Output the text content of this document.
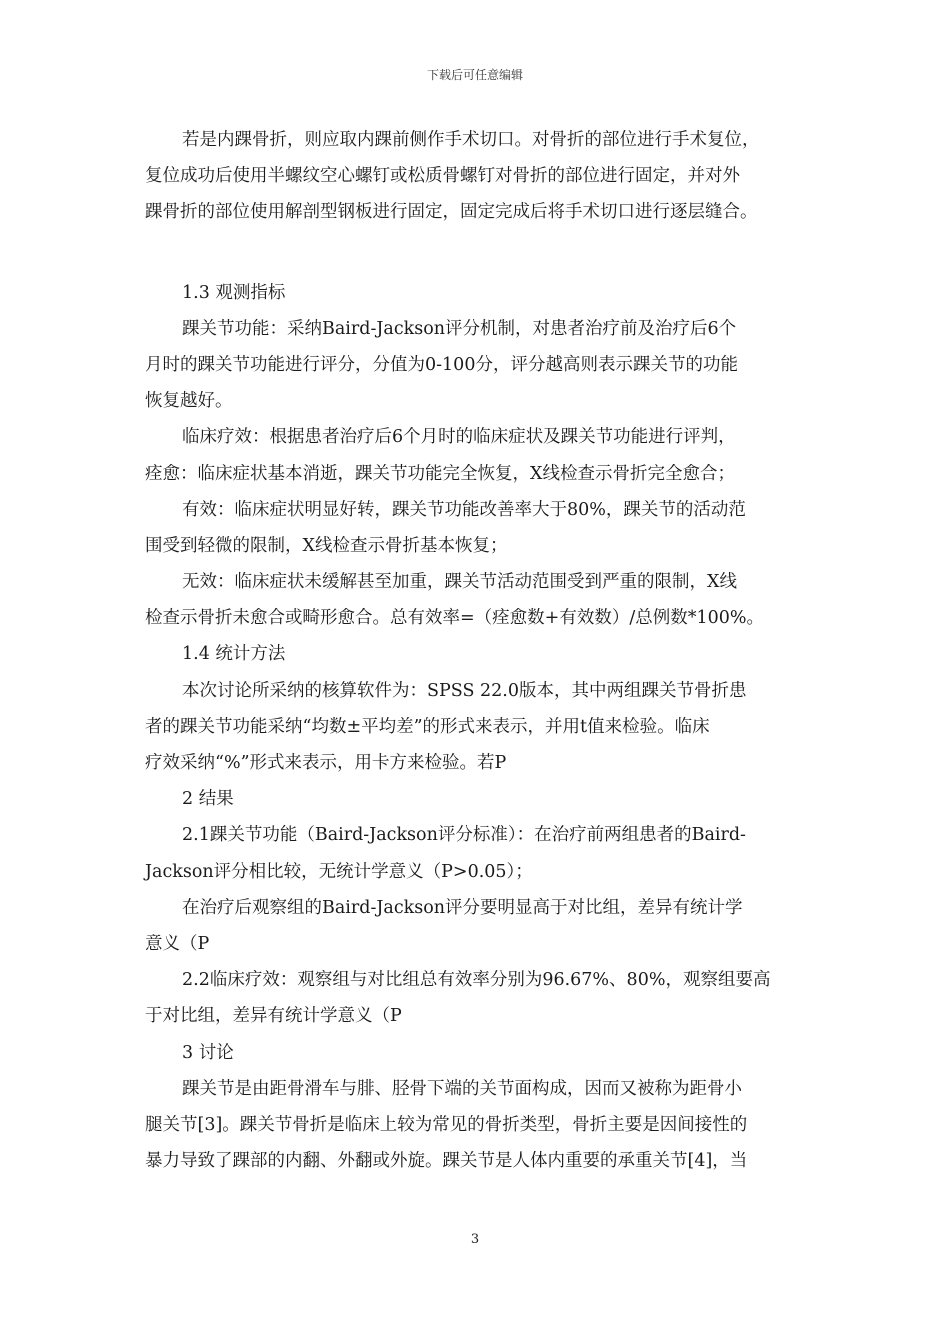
下载后可任意编辑
若是内踝骨折，则应取内踝前侧作手术切口。对骨折的部位进行手术复位，
复位成功后使用半螺纹空心螺钉或松质骨螺钉对骨折的部位进行固定，并对外
踝骨折的部位使用解剖型钢板进行固定，固定完成后将手术切口进行逐层缝合。
1.3 观测指标
踝关节功能：采纳Baird-Jackson评分机制，对患者治疗前及治疗后6个
月时的踝关节功能进行评分，分值为0-100分，评分越高则表示踝关节的功能
恢复越好。
临床疗效：根据患者治疗后6个月时的临床症状及踝关节功能进行评判，
痊愈：临床症状基本消逝，踝关节功能完全恢复，X线检查示骨折完全愈合；
有效：临床症状明显好转，踝关节功能改善率大于80%，踝关节的活动范
围受到轻微的限制，X线检查示骨折基本恢复；
无效：临床症状未缓解甚至加重，踝关节活动范围受到严重的限制，X线
检查示骨折未愈合或畸形愈合。总有效率=（痊愈数+有效数）/总例数*100%。
1.4 统计方法
本次讨论所采纳的核算软件为：SPSS 22.0版本，其中两组踝关节骨折患
者的踝关节功能采纳“均数±平均差”的形式来表示，并用t值来检验。临床
疗效采纳“%”形式来表示，用卡方来检验。若P
2 结果
2.1踝关节功能（Baird-Jackson评分标准）：在治疗前两组患者的Baird-
Jackson评分相比较，无统计学意义（P>0.05）；
在治疗后观察组的Baird-Jackson评分要明显高于对比组，差异有统计学
意义（P
2.2临床疗效：观察组与对比组总有效率分别为96.67%、80%，观察组要高
于对比组，差异有统计学意义（P
3 讨论
踝关节是由距骨滑车与腓、胫骨下端的关节面构成，因而又被称为距骨小
腿关节[3]。踝关节骨折是临床上较为常见的骨折类型，骨折主要是因间接性的
暴力导致了踝部的内翻、外翻或外旋。踝关节是人体内重要的承重关节[4]，当
3
